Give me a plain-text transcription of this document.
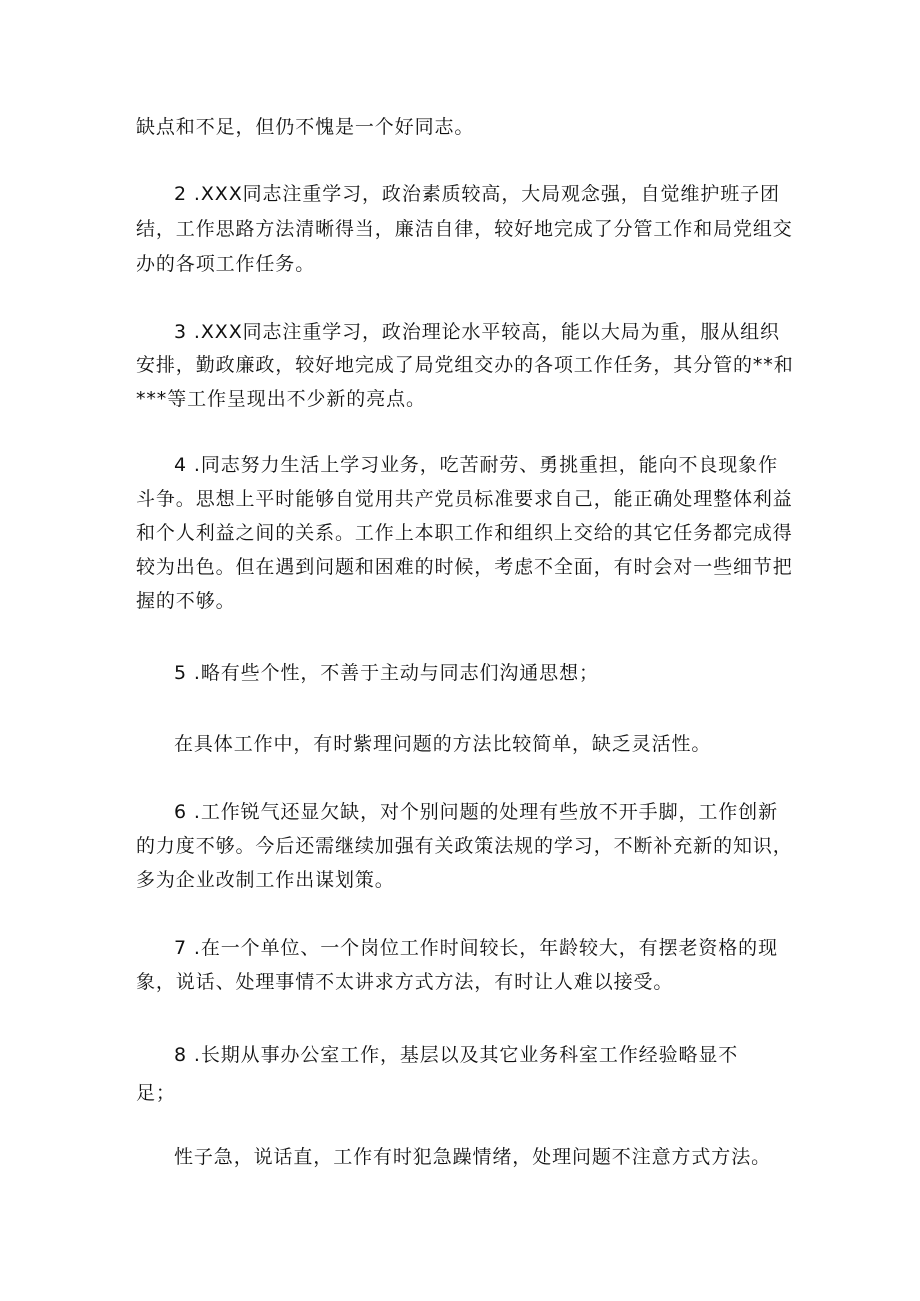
缺点和不足，但仍不愧是一个好同志。

2 .XXX同志注重学习，政治素质较高，大局观念强，自觉维护班子团

结，工作思路方法清晰得当，廉洁自律，较好地完成了分管工作和局党组交

办的各项工作任务。

3 .XXX同志注重学习，政治理论水平较高，能以大局为重，服从组织

安排，勤政廉政，较好地完成了局党组交办的各项工作任务，其分管的**和

***等工作呈现出不少新的亮点。

4 .同志努力生活上学习业务，吃苦耐劳、勇挑重担，能向不良现象作

斗争。思想上平时能够自觉用共产党员标准要求自己，能正确处理整体利益

和个人利益之间的关系。工作上本职工作和组织上交给的其它任务都完成得

较为出色。但在遇到问题和困难的时候，考虑不全面，有时会对一些细节把

握的不够。

5 .略有些个性，不善于主动与同志们沟通思想；

在具体工作中，有时紫理问题的方法比较简单，缺乏灵活性。

6 .工作锐气还显欠缺，对个别问题的处理有些放不开手脚，工作创新

的力度不够。今后还需继续加强有关政策法规的学习，不断补充新的知识，

多为企业改制工作出谋划策。

7 .在一个单位、一个岗位工作时间较长，年龄较大，有摆老资格的现

象，说话、处理事情不太讲求方式方法，有时让人难以接受。

8 .长期从事办公室工作，基层以及其它业务科室工作经验略显不

足；

性子急，说话直，工作有时犯急躁情绪，处理问题不注意方式方法。
